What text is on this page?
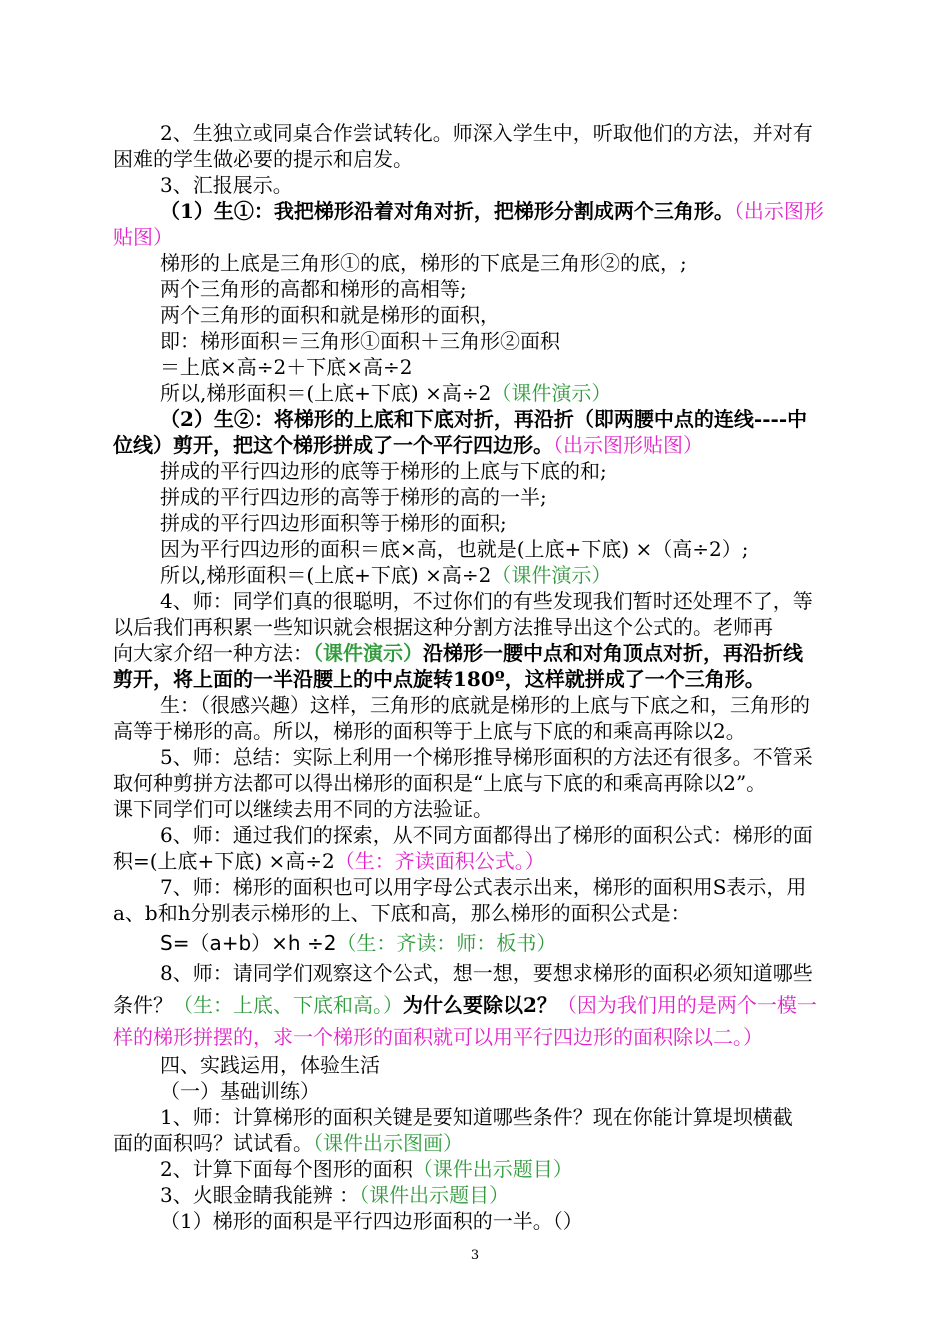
2、生独立或同桌合作尝试转化。师深入学生中，听取他们的方法，并对有
困难的学生做必要的提示和启发。
3、汇报展示。
（1）生①：我把梯形沿着对角对折，把梯形分割成两个三角形。（出示图形
贴图）
梯形的上底是三角形①的底，梯形的下底是三角形②的底，;
两个三角形的高都和梯形的高相等;
两个三角形的面积和就是梯形的面积，
即：梯形面积＝三角形①面积＋三角形②面积
＝上底×高÷2＋下底×高÷2
所以,梯形面积＝(上底+下底) ×高÷2（课件演示）
（2）生②：将梯形的上底和下底对折，再沿折（即两腰中点的连线----中
位线）剪开，把这个梯形拼成了一个平行四边形。（出示图形贴图）
拼成的平行四边形的底等于梯形的上底与下底的和;
拼成的平行四边形的高等于梯形的高的一半;
拼成的平行四边形面积等于梯形的面积;
因为平行四边形的面积＝底×高，也就是(上底+下底) ×（高÷2）;
所以,梯形面积＝(上底+下底) ×高÷2（课件演示）
4、师：同学们真的很聪明，不过你们的有些发现我们暂时还处理不了，等
以后我们再积累一些知识就会根据这种分割方法推导出这个公式的。老师再
向大家介绍一种方法：（课件演示）沿梯形一腰中点和对角顶点对折，再沿折线
剪开，将上面的一半沿腰上的中点旋转180º，这样就拼成了一个三角形。
生：（很感兴趣）这样，三角形的底就是梯形的上底与下底之和，三角形的
高等于梯形的高。所以，梯形的面积等于上底与下底的和乘高再除以2。
5、师：总结：实际上利用一个梯形推导梯形面积的方法还有很多。不管采
取何种剪拼方法都可以得出梯形的面积是“上底与下底的和乘高再除以2”。
课下同学们可以继续去用不同的方法验证。
6、师：通过我们的探索，从不同方面都得出了梯形的面积公式：梯形的面
积=(上底+下底) ×高÷2（生：齐读面积公式。）
7、师：梯形的面积也可以用字母公式表示出来，梯形的面积用S表示，用
a、b和h分别表示梯形的上、下底和高，那么梯形的面积公式是：
S=（a+b）×h ÷2（生：齐读：师：板书）
8、师：请同学们观察这个公式，想一想，要想求梯形的面积必须知道哪些
条件？（生：上底、下底和高。）为什么要除以2？（因为我们用的是两个一模一
样的梯形拼摆的，求一个梯形的面积就可以用平行四边形的面积除以二。）
四、实践运用，体验生活
（一）基础训练）
1、师：计算梯形的面积关键是要知道哪些条件？现在你能计算堤坝横截
面的面积吗？试试看。（课件出示图画）
2、计算下面每个图形的面积（课件出示题目）
3、火眼金睛我能辨 ：（课件出示题目）
（1）梯形的面积是平行四边形面积的一半。（）
3
